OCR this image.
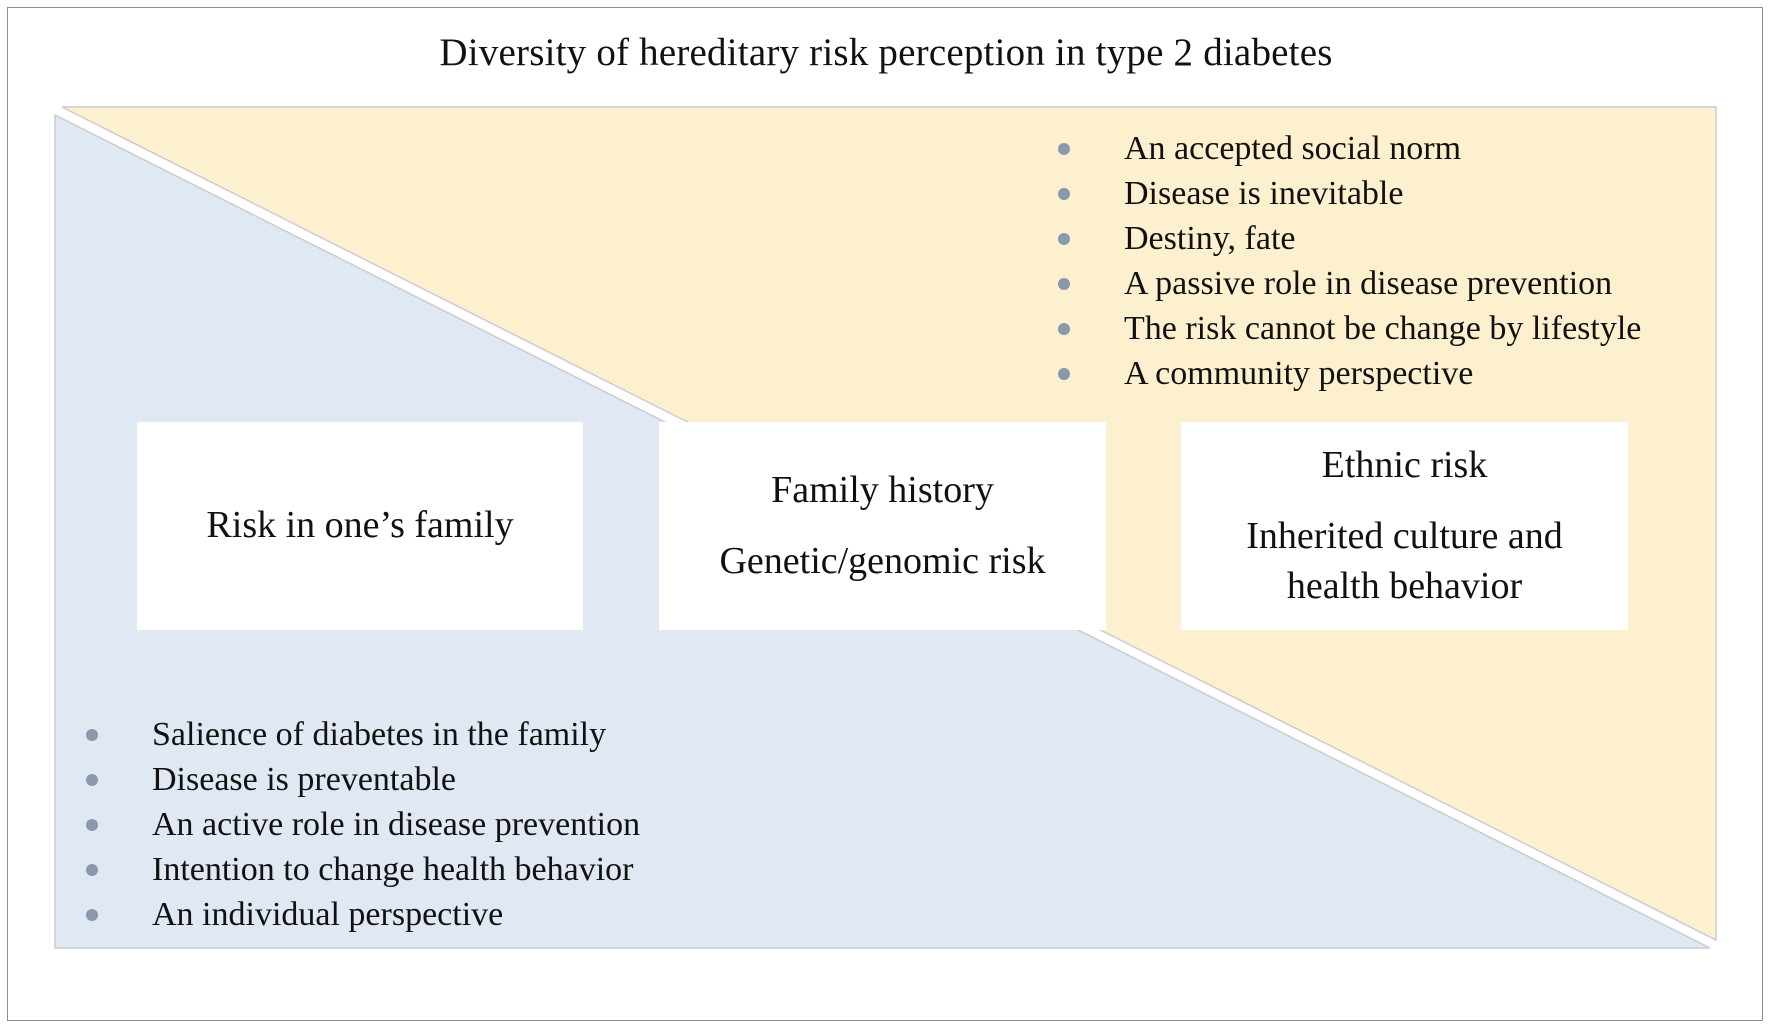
Diversity of hereditary risk perception in type 2 diabetes
Risk in one’s family
Family history
Genetic/genomic risk
Ethnic risk
Inherited culture and
health behavior
An accepted social norm
Disease is inevitable
Destiny, fate
A passive role in disease prevention
The risk cannot be change by lifestyle
A community perspective
Salience of diabetes in the family
Disease is preventable
An active role in disease prevention
Intention to change health behavior
An individual perspective
